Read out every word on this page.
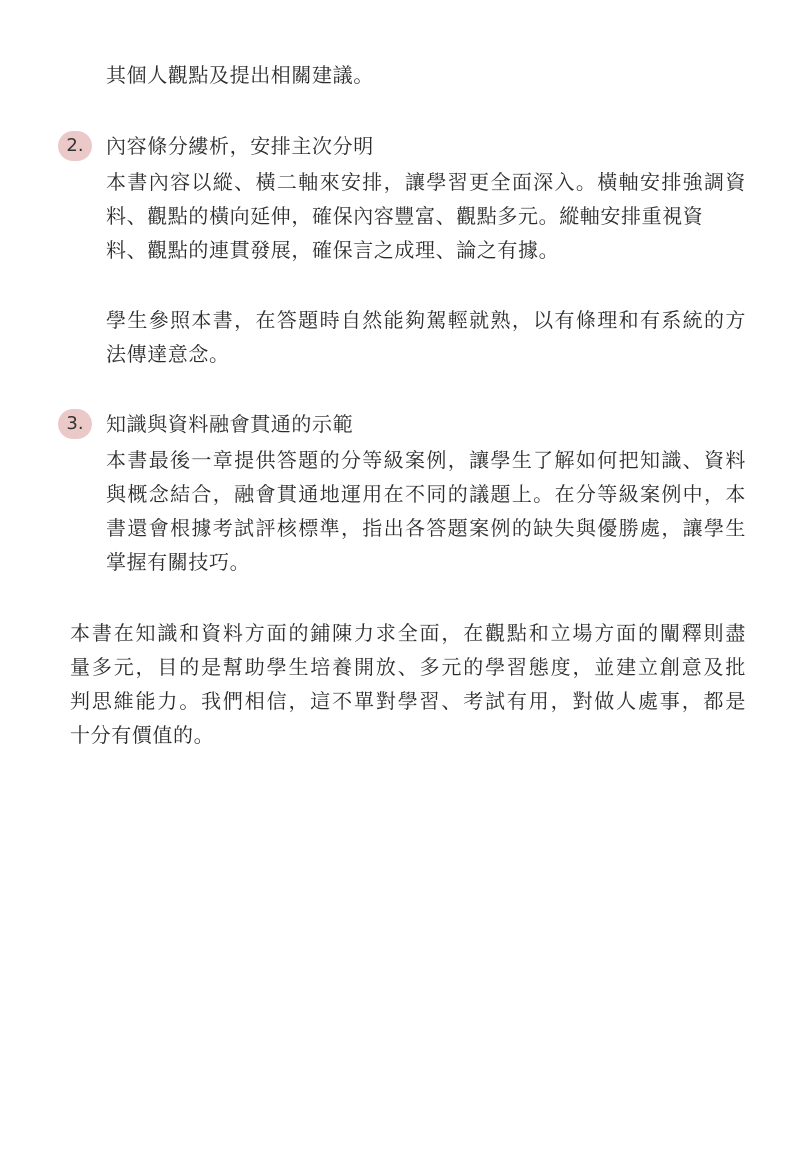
其個人觀點及提出相關建議。
2.	內容條分縷析，安排主次分明
本書內容以縱、橫二軸來安排，讓學習更全面深入。橫軸安排強調資
料、觀點的橫向延伸，確保內容豐富、觀點多元。縱軸安排重視資
料、觀點的連貫發展，確保言之成理、論之有據。
學生參照本書，在答題時自然能夠駕輕就熟，以有條理和有系統的方
法傳達意念。
3.	知識與資料融會貫通的示範
本書最後一章提供答題的分等級案例，讓學生了解如何把知識、資料
與概念結合，融會貫通地運用在不同的議題上。在分等級案例中，本
書還會根據考試評核標準，指出各答題案例的缺失與優勝處，讓學生
掌握有關技巧。
本書在知識和資料方面的鋪陳力求全面，在觀點和立場方面的闡釋則盡
量多元，目的是幫助學生培養開放、多元的學習態度，並建立創意及批
判思維能力。我們相信，這不單對學習、考試有用，對做人處事，都是
十分有價值的。
